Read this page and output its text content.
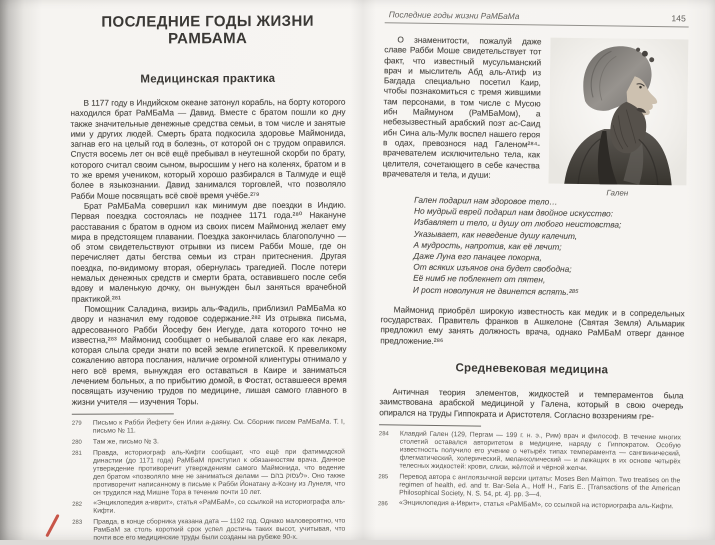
ПОСЛЕДНИЕ ГОДЫ ЖИЗНИ РАМБАМА
Медицинская практика

В 1177 году в Индийском океане затонул корабль, на борту которого находился брат РаМБаМа — Давид. Вместе с братом пошли ко дну также значительные денежные средства семьи, в том числе и занятые ими у других людей. Смерть брата подкосила здоровье Маймонида, загнав его на целый год в болезнь, от которой он с трудом оправился. Спустя восемь лет он всё ещё пребывал в неутешной скорби по брату, которого считал своим сыном, выросшим у него на коленях, братом и в то же время учеником, который хорошо разбирался в Талмуде и ещё более в языкознании. Давид занимался торговлей, что позволяло Рабби Моше посвящать всё своё время учёбе.²⁷⁹

Брат РаМБаМа совершил как минимум две поездки в Индию. Первая поездка состоялась не позднее 1171 года.²⁸⁰ Накануне расставания с братом в одном из своих писем Маймонид желает ему мира в предстоящем плавании. Поездка закончилась благополучно — об этом свидетельствуют отрывки из писем Рабби Моше, где он перечисляет даты бегства семьи из стран притеснения. Другая поездка, по-видимому вторая, обернулась трагедией. После потери немалых денежных средств и смерти брата, оставившего после себя вдову и маленькую дочку, он вынужден был заняться врачебной практикой.²⁸¹

Помощник Саладина, визирь аль-Фадиль, приблизил РаМБаМа ко двору и назначил ему годовое содержание.²⁸² Из отрывка письма, адресованного Рабби Йосефу бен Иегуде, дата которого точно не известна,²⁸³ Маймонид сообщает о небывалой славе его как лекаря, которая слыла среди знати по всей земле египетской. К превеликому сожалению автора послания, наличие огромной клиентуры отнимало у него всё время, вынуждая его оставаться в Каире и заниматься лечением больных, а по прибытию домой, в Фостат, оставшееся время посвящать изучению трудов по медицине, лишая самого главного в жизни учителя — изучения Торы.

279	Письмо к Рабби Йефету бен Илии а-даяну. См. Сборник писем РаМБаМа. Т. I, письмо № 11.
280	Там же, письмо № 3.
281	Правда, историограф аль-Кифти сообщает, что ещё при фатимидской династии (до 1171 года) РаМБаМ приступил к обязанностям врача. Данное утверждение противоречит утверждениям самого Маймонида, что ведение дел братом «позволяло мне не заниматься делами — לעסוק בהם». Оно также противоречит написанному в письме к Рабби Йонатану а-Коэну из Лунеля, что он трудился над Мишне Тора в течение почти 10 лет.
282	«Энциклопедия а-иврит», статья «РаМБаМ», со ссылкой на историографа аль-Кифти.
283	Правда, в конце сборника указана дата — 1192 год. Однако маловероятно, что РамБаМ за столь короткий срок успел достичь таких высот, учитывая, что почти все его медицинские труды были созданы на рубеже 90-х.
Последние годы жизни РаМБаМа	145
Гален

О знаменитости, пожалуй даже славе Рабби Моше свидетельствует тот факт, что известный мусульманский врач и мыслитель Абд аль-Атиф из Багдада специально посетил Каир, чтобы познакомиться с тремя жившими там персонами, в том числе с Мусою ибн Маймуном (РаМБаМом), а небезызвестный арабский поэт ас-Саид ибн Сина аль-Мулк воспел нашего героя в одах, превознося над Галеном²⁸⁴-врачевателем исключительно тела, как целителя, сочетающего в себе качества врачевателя и тела, и души:

Гален подарил нам здоровое тело…
Но мудрый еврей подарил нам двойное искусство:
Избавляет и тело, и душу от любого неистовства;
Указывает, как неведение душу калечит,
А мудрость, напротив, как её лечит;
Даже Луна его панацее покорна,
От всяких изъянов она будет свободна;
Её нимб не поблекнет от пятен,
И рост новолуния не двинется вспять.²⁸⁵

Маймонид приобрёл широкую известность как медик и в сопредельных государствах. Правитель франков в Ашкелоне (Святая Земля) Альмарик предложил ему занять должность врача, однако РаМБаМ отверг данное предложение.²⁸⁶

Средневековая медицина

Античная теория элементов, жидкостей и темпераментов была заимствована арабской медициной у Галена, который в свою очередь опирался на труды Гиппократа и Аристотеля. Согласно воззрениям гре-

284	Клавдий Гален (129, Пергам — 199 г. н. э., Рим) врач и философ. В течение многих столетий оставался авторитетом в медицине, наряду с Гиппократом. Особую известность получило его учение о четырёх типах темперамента — сангвинический, флегматический, холерический, меланхолический — и лежащих в их основе четырёх телесных жидкостей: крови, слизи, жёлтой и чёрной желчи.
285	Перевод автора с англоязычной версии цитаты: Moses Ben Maimon. Two treatises on the regimen of health, ed. and tr. Bar-Sela A., Hoff H., Faris E.. [Transactions of the American Philosophical Society, N. S. 54, pt. 4]. pp. 3—4.
286	«Энциклопедия а-Иврит», статья «РаМБаМ», со ссылкой на историографа аль-Кифти.
